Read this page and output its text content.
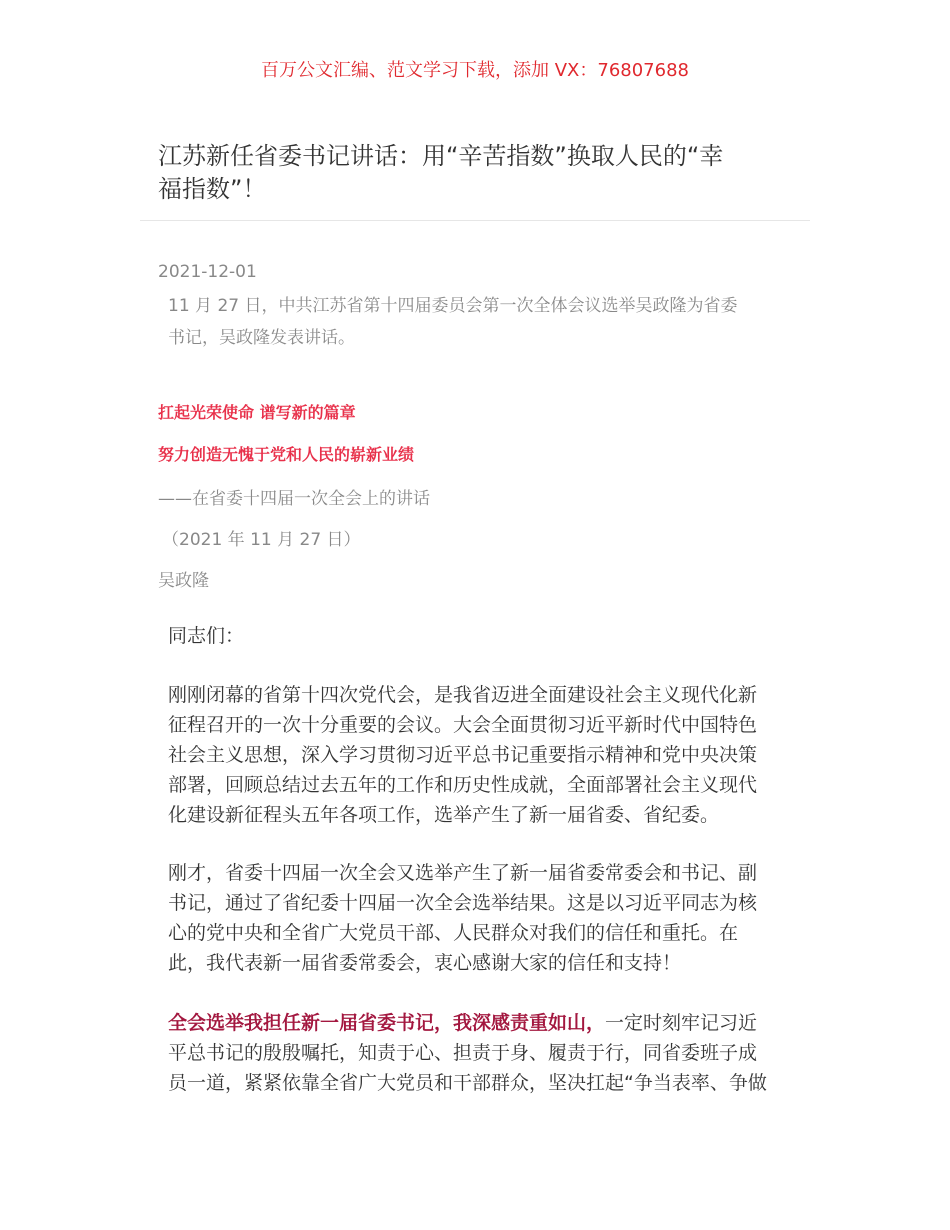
百万公文汇编、范文学习下载，添加 VX：76807688
江苏新任省委书记讲话：用“辛苦指数”换取人民的“幸
福指数”！
2021-12-01
11 月 27 日，中共江苏省第十四届委员会第一次全体会议选举吴政隆为省委
书记，吴政隆发表讲话。
扛起光荣使命 谱写新的篇章
努力创造无愧于党和人民的崭新业绩
——在省委十四届一次全会上的讲话
（2021 年 11 月 27 日）
吴政隆
同志们：
刚刚闭幕的省第十四次党代会，是我省迈进全面建设社会主义现代化新
征程召开的一次十分重要的会议。大会全面贯彻习近平新时代中国特色
社会主义思想，深入学习贯彻习近平总书记重要指示精神和党中央决策
部署，回顾总结过去五年的工作和历史性成就，全面部署社会主义现代
化建设新征程头五年各项工作，选举产生了新一届省委、省纪委。
刚才，省委十四届一次全会又选举产生了新一届省委常委会和书记、副
书记，通过了省纪委十四届一次全会选举结果。这是以习近平同志为核
心的党中央和全省广大党员干部、人民群众对我们的信任和重托。在
此，我代表新一届省委常委会，衷心感谢大家的信任和支持！
全会选举我担任新一届省委书记，我深感责重如山，一定时刻牢记习近
平总书记的殷殷嘱托，知责于心、担责于身、履责于行，同省委班子成
员一道，紧紧依靠全省广大党员和干部群众，坚决扛起“争当表率、争做
